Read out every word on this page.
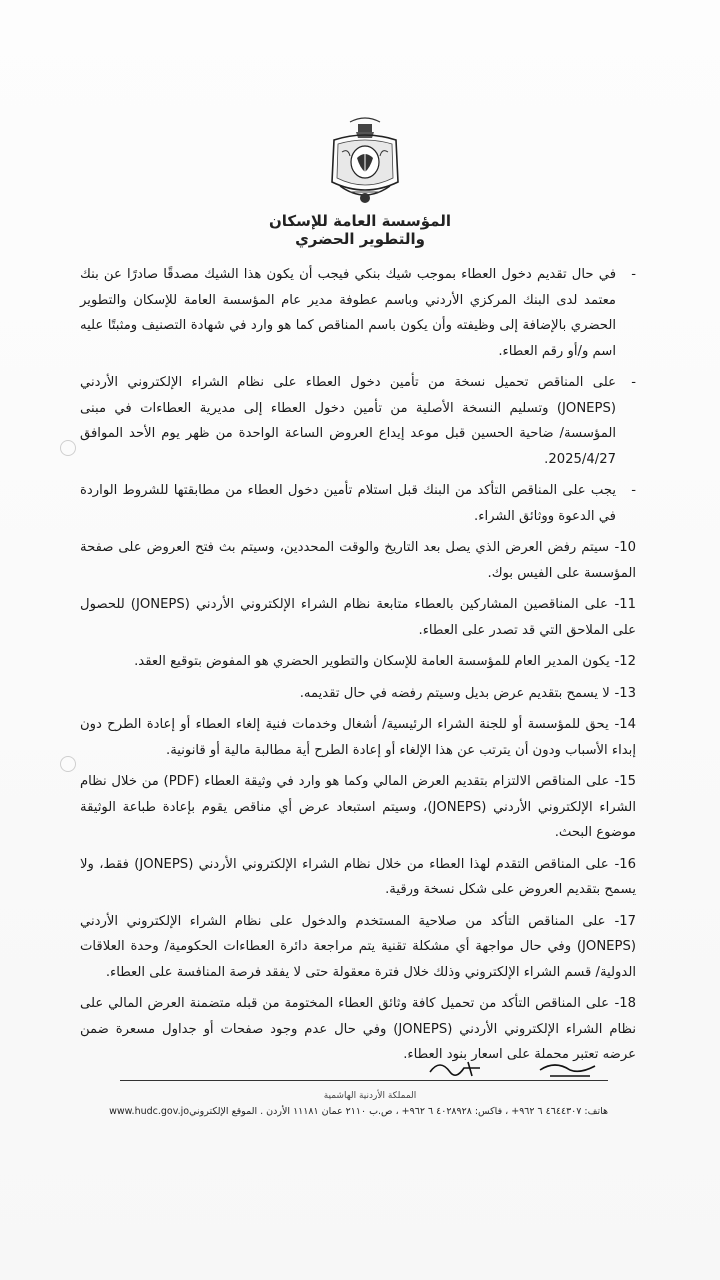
المؤسسة العامة للإسكان والتطوير الحضري
-
في حال تقديم دخول العطاء بموجب شيك بنكي فيجب أن يكون هذا الشيك مصدقًا صادرًا عن بنك معتمد لدى البنك المركزي الأردني وباسم عطوفة مدير عام المؤسسة العامة للإسكان والتطوير الحضري بالإضافة إلى وظيفته وأن يكون باسم المناقص كما هو وارد في شهادة التصنيف ومثبتًا عليه اسم و/أو رقم العطاء.
-
على المناقص تحميل نسخة من تأمين دخول العطاء على نظام الشراء الإلكتروني الأردني (JONEPS) وتسليم النسخة الأصلية من تأمين دخول العطاء إلى مديرية العطاءات في مبنى المؤسسة/ ضاحية الحسين قبل موعد إيداع العروض الساعة الواحدة من ظهر يوم الأحد الموافق 2025/4/27.
-
يجب على المناقص التأكد من البنك قبل استلام تأمين دخول العطاء من مطابقتها للشروط الواردة في الدعوة ووثائق الشراء.
10- سيتم رفض العرض الذي يصل بعد التاريخ والوقت المحددين، وسيتم بث فتح العروض على صفحة المؤسسة على الفيس بوك.
11- على المناقصين المشاركين بالعطاء متابعة نظام الشراء الإلكتروني الأردني (JONEPS) للحصول على الملاحق التي قد تصدر على العطاء.
12- يكون المدير العام للمؤسسة العامة للإسكان والتطوير الحضري هو المفوض بتوقيع العقد.
13- لا يسمح بتقديم عرض بديل وسيتم رفضه في حال تقديمه.
14- يحق للمؤسسة أو للجنة الشراء الرئيسية/ أشغال وخدمات فنية إلغاء العطاء أو إعادة الطرح دون إبداء الأسباب ودون أن يترتب عن هذا الإلغاء أو إعادة الطرح أية مطالبة مالية أو قانونية.
15- على المناقص الالتزام بتقديم العرض المالي وكما هو وارد في وثيقة العطاء (PDF) من خلال نظام الشراء الإلكتروني الأردني (JONEPS)، وسيتم استبعاد عرض أي مناقص يقوم بإعادة طباعة الوثيقة موضوع البحث.
16- على المناقص التقدم لهذا العطاء من خلال نظام الشراء الإلكتروني الأردني (JONEPS) فقط، ولا يسمح بتقديم العروض على شكل نسخة ورقية.
17- على المناقص التأكد من صلاحية المستخدم والدخول على نظام الشراء الإلكتروني الأردني (JONEPS) وفي حال مواجهة أي مشكلة تقنية يتم مراجعة دائرة العطاءات الحكومية/ وحدة العلاقات الدولية/ قسم الشراء الإلكتروني وذلك خلال فترة معقولة حتى لا يفقد فرصة المنافسة على العطاء.
18- على المناقص التأكد من تحميل كافة وثائق العطاء المختومة من قبله متضمنة العرض المالي على نظام الشراء الإلكتروني الأردني (JONEPS) وفي حال عدم وجود صفحات أو جداول مسعرة ضمن عرضه تعتبر محملة على اسعار بنود العطاء.
المملكة الأردنية الهاشمية
هاتف: ٤٦٤٤٣٠٧ ٦ ٩٦٢+ ، فاكس: ٤٠٢٨٩٢٨ ٦ ٩٦٢+ ، ص.ب ٢١١٠ عمان ١١١٨١ الأردن . الموقع الإلكتروني
www.hudc.gov.jo
